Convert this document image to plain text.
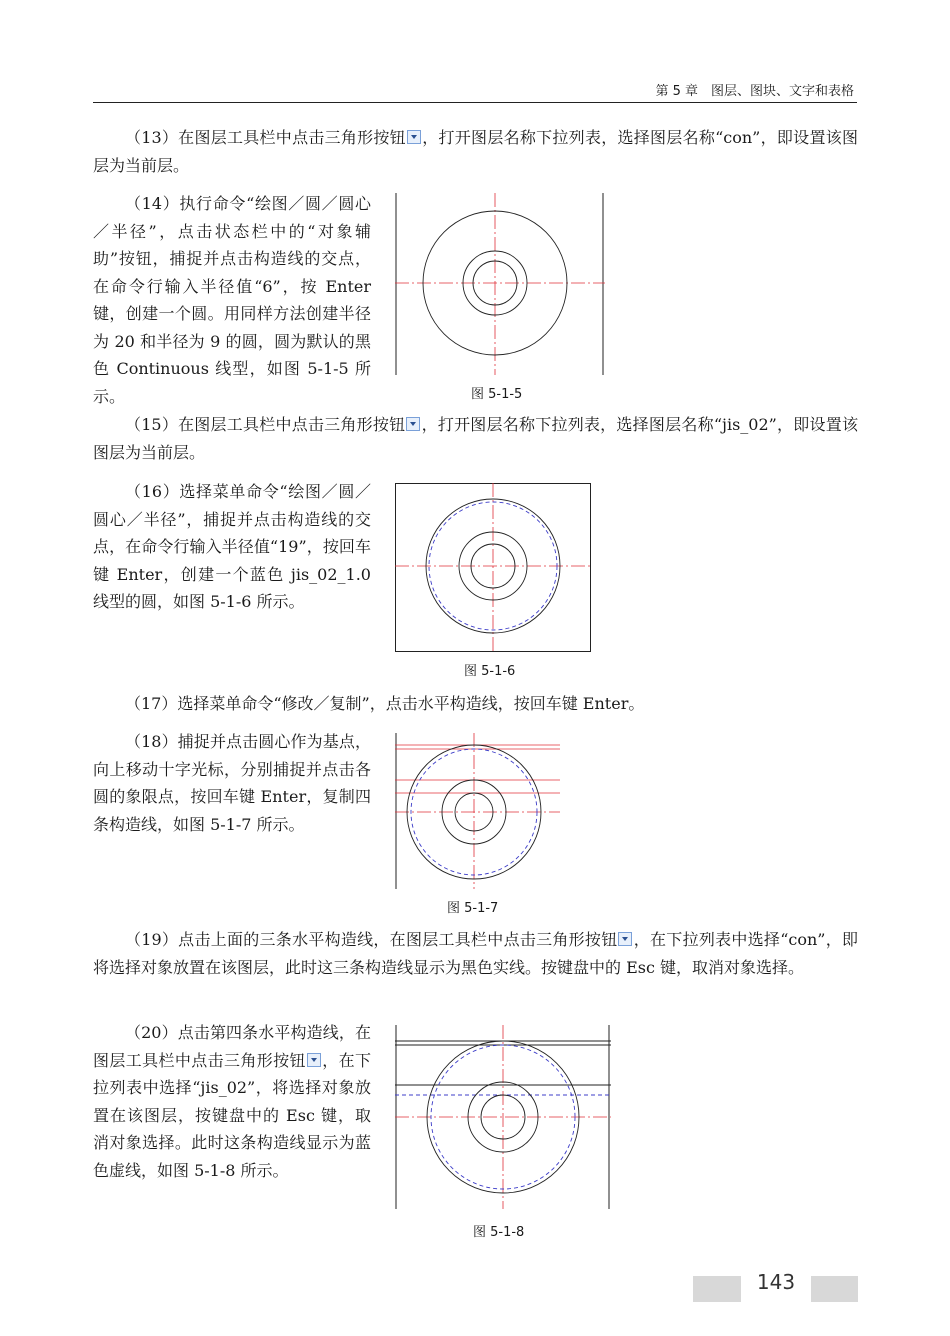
第 5 章　图层、图块、文字和表格

（13）在图层工具栏中点击三角形按钮 ，打开图层名称下拉列表，选择图层名称“con”，即设置该图层为当前层。

（14）执行命令“绘图／圆／圆心／半径”，点击状态栏中的“对象辅助”按钮，捕捉并点击构造线的交点，在命令行输入半径值“6”，按 Enter 键，创建一个圆。用同样方法创建半径为 20 和半径为 9 的圆，圆为默认的黑色 Continuous 线型，如图 5-1-5 所示。	图 5-1-5

（15）在图层工具栏中点击三角形按钮 ，打开图层名称下拉列表，选择图层名称“jis_02”，即设置该图层为当前层。

（16）选择菜单命令“绘图／圆／圆心／半径”，捕捉并点击构造线的交点，在命令行输入半径值“19”，按回车键 Enter，创建一个蓝色 jis_02_1.0 线型的圆，如图 5-1-6 所示。

图 5-1-6

（17）选择菜单命令“修改／复制”，点击水平构造线，按回车键 Enter。

（18）捕捉并点击圆心作为基点，向上移动十字光标，分别捕捉并点击各圆的象限点，按回车键 Enter，复制四条构造线，如图 5-1-7 所示。

图 5-1-7

（19）点击上面的三条水平构造线，在图层工具栏中点击三角形按钮 ，在下拉列表中选择“con”，即将选择对象放置在该图层，此时这三条构造线显示为黑色实线。按键盘中的 Esc 键，取消对象选择。

（20）点击第四条水平构造线，在图层工具栏中点击三角形按钮 ，在下拉列表中选择“jis_02”，将选择对象放置在该图层，按键盘中的 Esc 键，取消对象选择。此时这条构造线显示为蓝色虚线，如图 5-1-8 所示。

图 5-1-8
143
